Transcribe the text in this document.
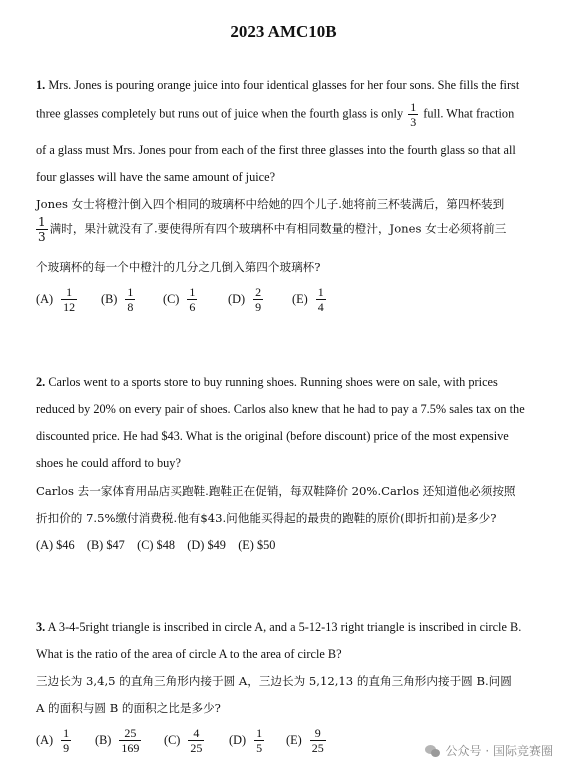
2023 AMC10B
1. Mrs. Jones is pouring orange juice into four identical glasses for her four sons. She fills the first
three glasses completely but runs out of juice when the fourth glass is only $\frac{1}{3}$ full. What fraction
of a glass must Mrs. Jones pour from each of the first three glasses into the fourth glass so that all
four glasses will have the same amount of juice?
Jones 女士将橙汁倒入四个相同的玻璃杯中给她的四个儿子.她将前三杯装满后，第四杯装到
$\frac{1}{3}$ 满时，果汁就没有了.要使得所有四个玻璃杯中有相同数量的橙汁，Jones 女士必须将前三
个玻璃杯的每一个中橙汁的几分之几倒入第四个玻璃杯?
$(A) \frac{1}{12} (B) \frac{1}{8} (C) \frac{1}{6} (D) \frac{2}{9} (E) \frac{1}{4}$
2. Carlos went to a sports store to buy running shoes. Running shoes were on sale, with prices
reduced by 20% on every pair of shoes. Carlos also knew that he had to pay a 7.5% sales tax on the
discounted price. He had $43. What is the original (before discount) price of the most expensive
shoes he could afford to buy?
Carlos 去一家体育用品店买跑鞋.跑鞋正在促销，每双鞋降价 20%.Carlos 还知道他必须按照
折扣价的 7.5%缴付消费税.他有$43.问他能买得起的最贵的跑鞋的原价(即折扣前)是多少?
(A) $46    (B) $47    (C) $48    (D) $49    (E) $50
3. A 3-4-5right triangle is inscribed in circle A, and a 5-12-13 right triangle is inscribed in circle B.
What is the ratio of the area of circle A to the area of circle B?
三边长为 3,4,5 的直角三角形内接于圆 A，三边长为 5,12,13 的直角三角形内接于圆 B.问圆
A 的面积与圆 B 的面积之比是多少?
$(A) \frac{1}{9} (B) \frac{25}{169} (C) \frac{4}{25} (D) \frac{1}{5} (E) \frac{9}{25}$	公众号 · 国际竞赛圈
